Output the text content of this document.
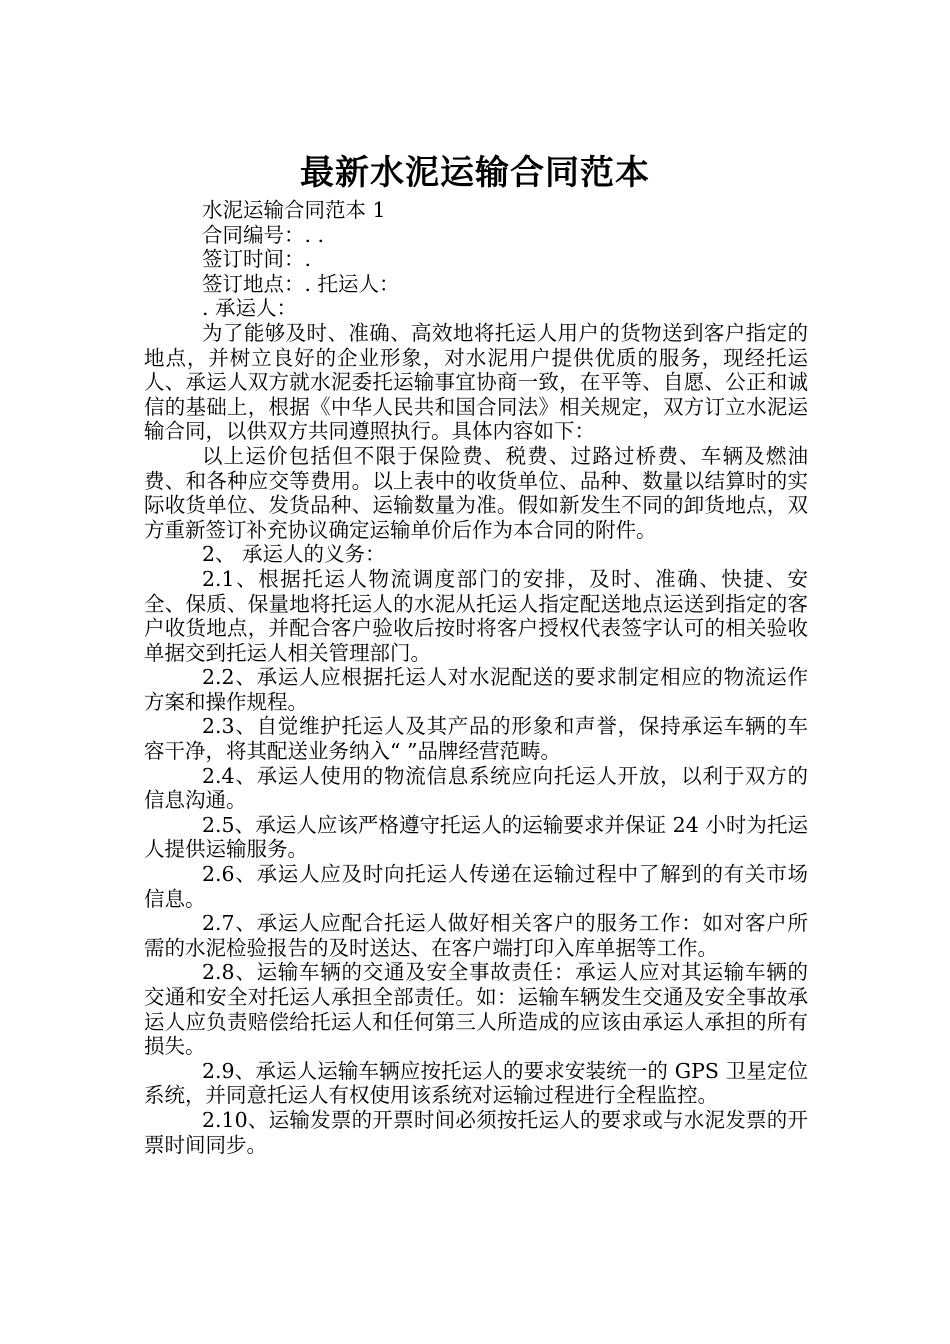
最新水泥运输合同范本

水泥运输合同范本 1

合同编号：. .

签订时间：.

签订地点：. 托运人：

. 承运人：

为了能够及时、准确、高效地将托运人用户的货物送到客户指定的地点，并树立良好的企业形象，对水泥用户提供优质的服务，现经托运人、承运人双方就水泥委托运输事宜协商一致，在平等、自愿、公正和诚信的基础上，根据《中华人民共和国合同法》相关规定，双方订立水泥运输合同，以供双方共同遵照执行。具体内容如下：

以上运价包括但不限于保险费、税费、过路过桥费、车辆及燃油费、和各种应交等费用。以上表中的收货单位、品种、数量以结算时的实际收货单位、发货品种、运输数量为准。假如新发生不同的卸货地点，双方重新签订补充协议确定运输单价后作为本合同的附件。

2、 承运人的义务：

2.1、根据托运人物流调度部门的安排，及时、准确、快捷、安全、保质、保量地将托运人的水泥从托运人指定配送地点运送到指定的客户收货地点，并配合客户验收后按时将客户授权代表签字认可的相关验收单据交到托运人相关管理部门。

2.2、承运人应根据托运人对水泥配送的要求制定相应的物流运作方案和操作规程。

2.3、自觉维护托运人及其产品的形象和声誉，保持承运车辆的车容干净，将其配送业务纳入“ ”品牌经营范畴。

2.4、承运人使用的物流信息系统应向托运人开放，以利于双方的信息沟通。

2.5、承运人应该严格遵守托运人的运输要求并保证 24 小时为托运人提供运输服务。

2.6、承运人应及时向托运人传递在运输过程中了解到的有关市场信息。

2.7、承运人应配合托运人做好相关客户的服务工作：如对客户所需的水泥检验报告的及时送达、在客户端打印入库单据等工作。

2.8、运输车辆的交通及安全事故责任：承运人应对其运输车辆的交通和安全对托运人承担全部责任。如：运输车辆发生交通及安全事故承运人应负责赔偿给托运人和任何第三人所造成的应该由承运人承担的所有损失。

2.9、承运人运输车辆应按托运人的要求安装统一的 GPS 卫星定位系统，并同意托运人有权使用该系统对运输过程进行全程监控。

2.10、运输发票的开票时间必须按托运人的要求或与水泥发票的开票时间同步。
